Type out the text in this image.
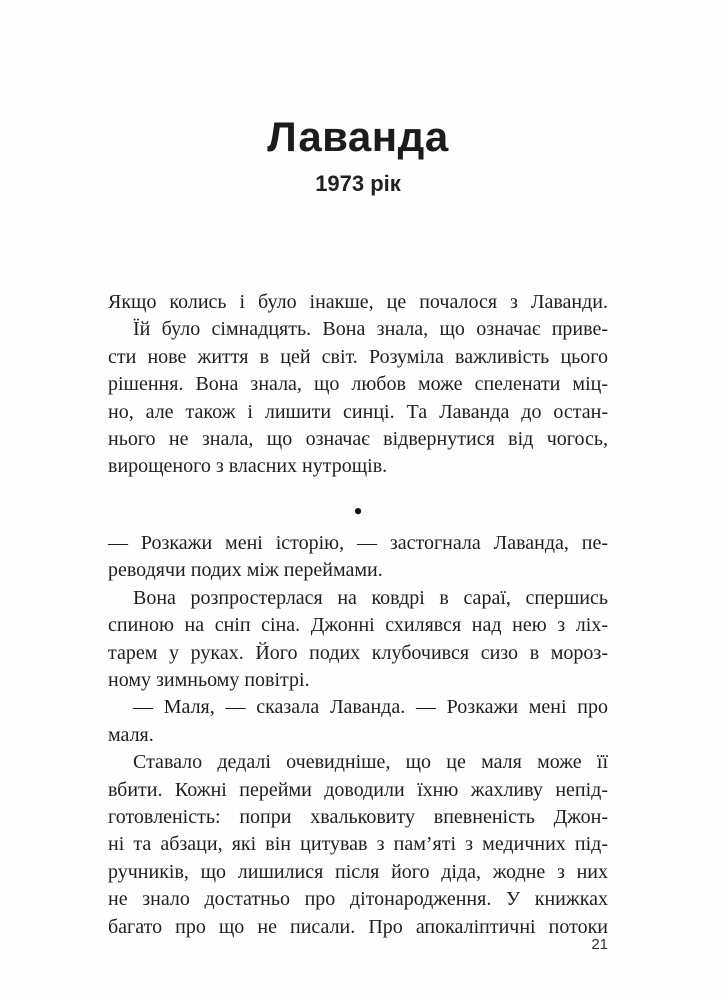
Лаванда
1973 рік
Якщо колись і було інакше, це почалося з Лаванди.
Їй було сімнадцять. Вона знала, що означає приве-
сти нове життя в цей світ. Розуміла важливість цього
рішення. Вона знала, що любов може спеленати міц-
но, але також і лишити синці. Та Лаванда до остан-
нього не знала, що означає відвернутися від чогось,
вирощеного з власних нутрощів.
•
— Розкажи мені історію, — застогнала Лаванда, пе-
реводячи подих між переймами.
Вона розпростерлася на ковдрі в сараї, спершись
спиною на сніп сіна. Джонні схилявся над нею з ліх-
тарем у руках. Його подих клубочився сизо в мороз-
ному зимньому повітрі.
— Маля, — сказала Лаванда. — Розкажи мені про
маля.
Ставало дедалі очевидніше, що це маля може її
вбити. Кожні перейми доводили їхню жахливу непід-
готовленість: попри хвальковиту впевненість Джон-
ні та абзаци, які він цитував з пам’яті з медичних під-
ручників, що лишилися після його діда, жодне з них
не знало достатньо про дітонародження. У книжках
багато про що не писали. Про апокаліптичні потоки
21
